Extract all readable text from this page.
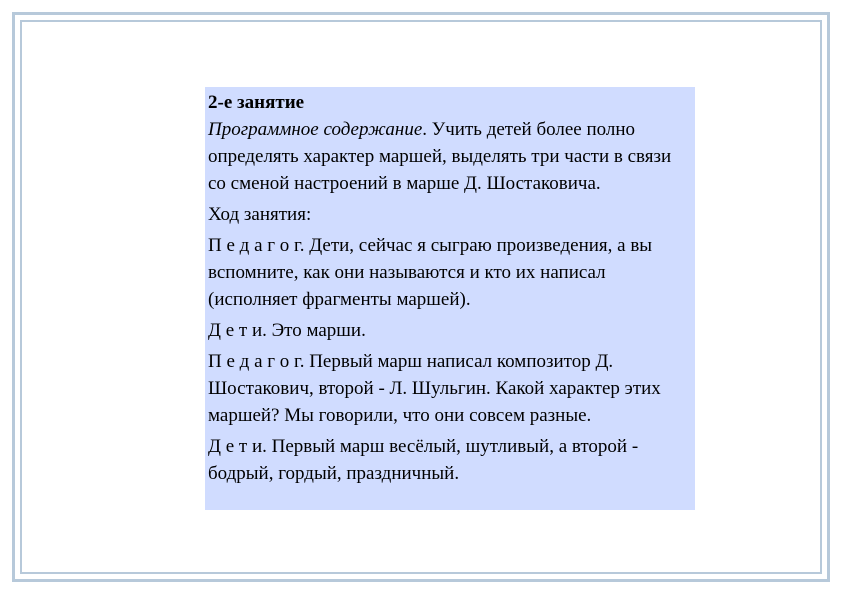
2-е занятие

Программное содержание. Учить детей более полно определять характер маршей, выделять три части в связи со сменой настроений в марше Д. Шостаковича.

Ход занятия:

П е д а г о г. Дети, сейчас я сыграю произведения, а вы вспомните, как они называются и кто их написал (исполняет фрагменты маршей).

Д е т и. Это марши.

П е д а г о г. Первый марш написал композитор Д. Шостакович, второй - Л. Шульгин. Какой характер этих маршей? Мы говорили, что они совсем разные.

Д е т и. Первый марш весёлый, шутливый, а второй - бодрый, гордый, праздничный.
